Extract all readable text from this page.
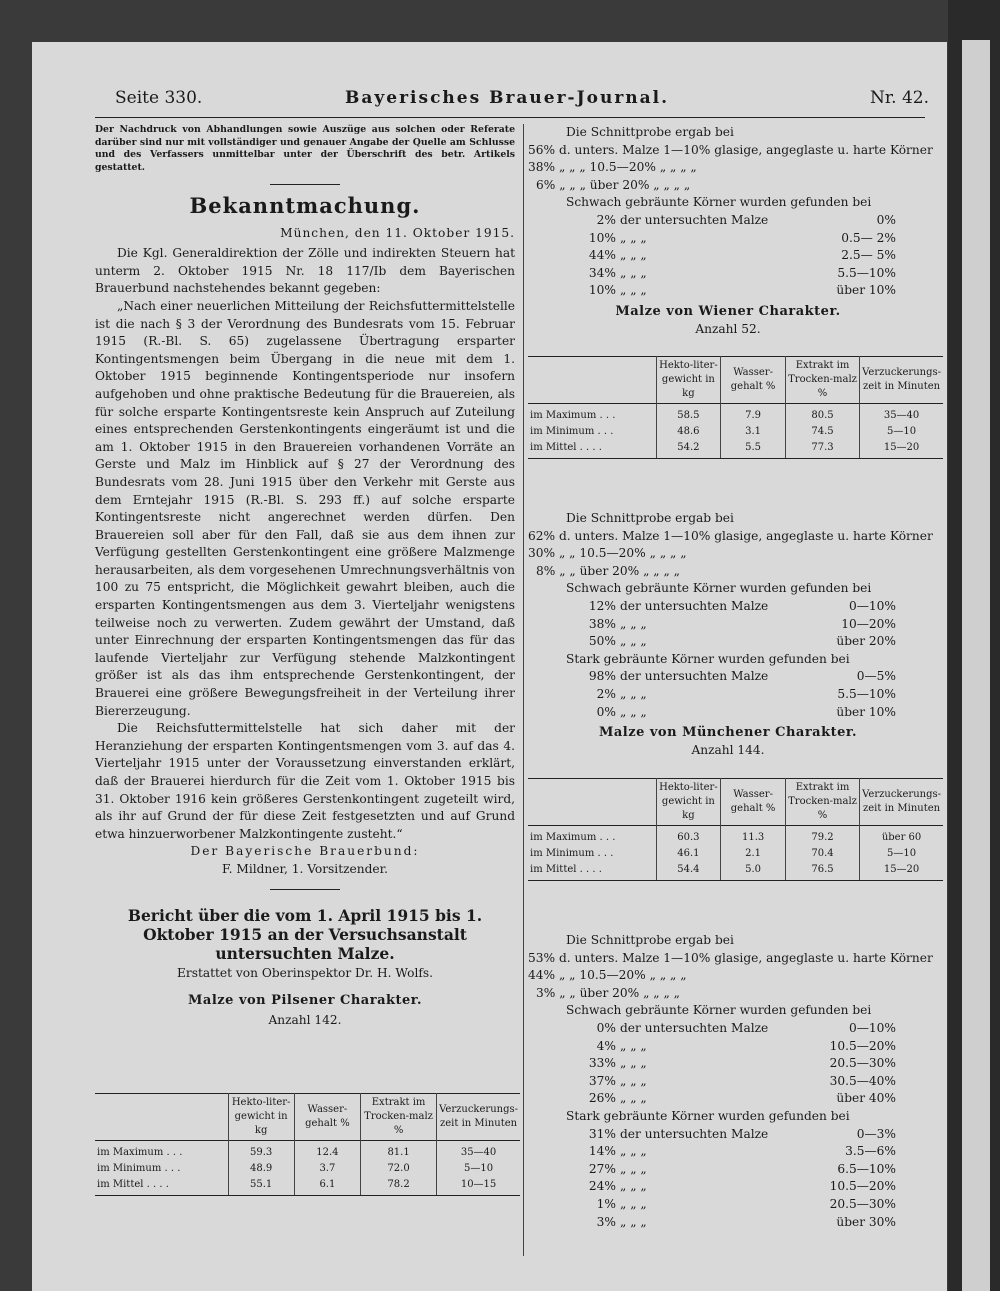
Seite 330.	Bayerisches Brauer-Journal.	Nr. 42.
Der Nachdruck von Abhandlungen sowie Auszüge aus solchen oder Referate darüber sind nur mit vollständiger und genauer Angabe der Quelle am Schlusse und des Verfassers unmittelbar unter der Überschrift des betr. Artikels gestattet.
Bekanntmachung.
München, den 11. Oktober 1915.

Die Kgl. Generaldirektion der Zölle und indirekten Steuern hat unterm 2. Oktober 1915 Nr. 18 117/Ib dem Bayerischen Brauerbund nachstehendes bekannt gegeben:

„Nach einer neuerlichen Mitteilung der Reichsfuttermittelstelle ist die nach § 3 der Verordnung des Bundesrats vom 15. Februar 1915 (R.-Bl. S. 65) zugelassene Übertragung ersparter Kontingentsmengen beim Übergang in die neue mit dem 1. Oktober 1915 beginnende Kontingentsperiode nur insofern aufgehoben und ohne praktische Bedeutung für die Brauereien, als für solche ersparte Kontingentsreste kein Anspruch auf Zuteilung eines entsprechenden Gerstenkontingents eingeräumt ist und die am 1. Oktober 1915 in den Brauereien vorhandenen Vorräte an Gerste und Malz im Hinblick auf § 27 der Verordnung des Bundesrats vom 28. Juni 1915 über den Verkehr mit Gerste aus dem Erntejahr 1915 (R.-Bl. S. 293 ff.) auf solche ersparte Kontingentsreste nicht angerechnet werden dürfen. Den Brauereien soll aber für den Fall, daß sie aus dem ihnen zur Verfügung gestellten Gerstenkontingent eine größere Malzmenge herausarbeiten, als dem vorgesehenen Umrechnungsverhältnis von 100 zu 75 entspricht, die Möglichkeit gewahrt bleiben, auch die ersparten Kontingentsmengen aus dem 3. Vierteljahr wenigstens teilweise noch zu verwerten. Zudem gewährt der Umstand, daß unter Einrechnung der ersparten Kontingentsmengen das für das laufende Vierteljahr zur Verfügung stehende Malzkontingent größer ist als das ihm entsprechende Gerstenkontingent, der Brauerei eine größere Bewegungsfreiheit in der Verteilung ihrer Biererzeugung.

Die Reichsfuttermittelstelle hat sich daher mit der Heranziehung der ersparten Kontingentsmengen vom 3. auf das 4. Vierteljahr 1915 unter der Voraussetzung einverstanden erklärt, daß der Brauerei hierdurch für die Zeit vom 1. Oktober 1915 bis 31. Oktober 1916 kein größeres Gerstenkontingent zugeteilt wird, als ihr auf Grund der für diese Zeit festgesetzten und auf Grund etwa hinzuerworbener Malzkontingente zusteht.“

Der Bayerische Brauerbund:
F. Mildner, 1. Vorsitzender.
Bericht über die vom 1. April 1915 bis 1. Oktober 1915 an der Versuchsanstalt untersuchten Malze.
Erstattet von Oberinspektor Dr. H. Wolfs.
Malze von Pilsener Charakter.
Anzahl 142.
	Hekto-liter-gewicht in kg	Wasser-gehalt %	Extrakt im Trocken-malz %	Verzuckerungs-zeit in Minuten
im Maximum . . .	59.3	12.4	81.1	35—40
im Minimum . . .	48.9	3.7	72.0	5—10
im Mittel . . . .	55.1	6.1	78.2	10—15
Die Schnittprobe ergab bei
56% d. unters. Malze 1—10% glasige, angeglaste u. harte Körner
38% „ „ „ 10.5—20% „ „ „ „
6% „ „ „ über 20% „ „ „ „
Schwach gebräunte Körner wurden gefunden bei
2% der untersuchten Malze	0%
10% „ „ „	0.5— 2%
44% „ „ „	2.5— 5%
34% „ „ „	5.5—10%
10% „ „ „	über 10%
Malze von Wiener Charakter.
Anzahl 52.
	Hekto-liter-gewicht in kg	Wasser-gehalt %	Extrakt im Trocken-malz %	Verzuckerungs-zeit in Minuten
im Maximum . . .	58.5	7.9	80.5	35—40
im Minimum . . .	48.6	3.1	74.5	5—10
im Mittel . . . .	54.2	5.5	77.3	15—20
Die Schnittprobe ergab bei
62% d. unters. Malze 1—10% glasige, angeglaste u. harte Körner
30% „ „ 10.5—20% „ „ „ „
8% „ „ über 20% „ „ „ „
Schwach gebräunte Körner wurden gefunden bei
12% der untersuchten Malze	0—10%
38% „ „ „	10—20%
50% „ „ „	über 20%
Stark gebräunte Körner wurden gefunden bei
98% der untersuchten Malze	0—5%
2% „ „ „	5.5—10%
0% „ „ „	über 10%
Malze von Münchener Charakter.
Anzahl 144.
	Hekto-liter-gewicht in kg	Wasser-gehalt %	Extrakt im Trocken-malz %	Verzuckerungs-zeit in Minuten
im Maximum . . .	60.3	11.3	79.2	über 60
im Minimum . . .	46.1	2.1	70.4	5—10
im Mittel . . . .	54.4	5.0	76.5	15—20
Die Schnittprobe ergab bei
53% d. unters. Malze 1—10% glasige, angeglaste u. harte Körner
44% „ „ 10.5—20% „ „ „ „
3% „ „ über 20% „ „ „ „
Schwach gebräunte Körner wurden gefunden bei
0% der untersuchten Malze	0—10%
4% „ „ „	10.5—20%
33% „ „ „	20.5—30%
37% „ „ „	30.5—40%
26% „ „ „	über 40%
Stark gebräunte Körner wurden gefunden bei
31% der untersuchten Malze	0—3%
14% „ „ „	3.5—6%
27% „ „ „	6.5—10%
24% „ „ „	10.5—20%
1% „ „ „	20.5—30%
3% „ „ „	über 30%
